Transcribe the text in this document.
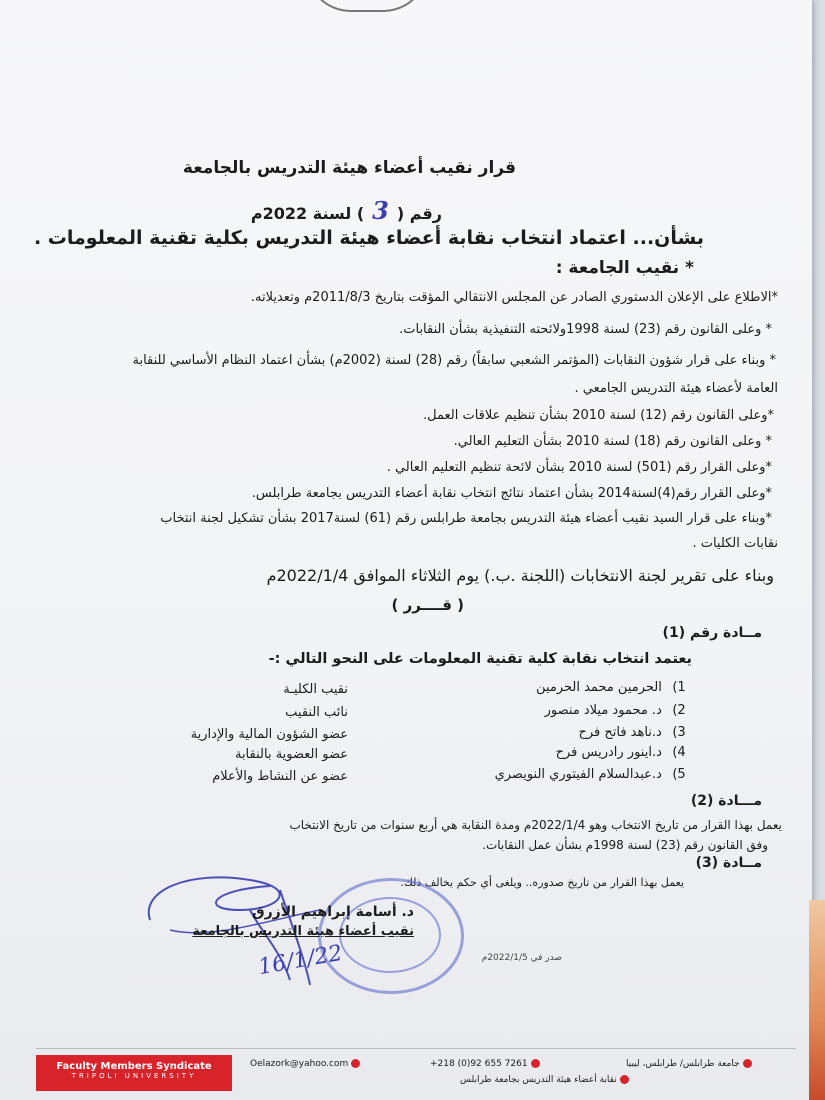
قرار نقيب أعضاء هيئة التدريس بالجامعة
رقم (3) لسنة 2022م
بشأن... اعتماد انتخاب نقابة أعضاء هيئة التدريس بكلية تقنية المعلومات .
* نقيب الجامعة :
*الاطلاع على الإعلان الدستوري الصادر عن المجلس الانتقالي المؤقت بتاريخ 2011/8/3م وتعديلاته.
* وعلى القانون رقم (23) لسنة 1998ولائحته التنفيذية بشأن النقابات.
* وبناء على قرار شؤون النقابات (المؤتمر الشعبي سابقاً) رقم (28) لسنة (2002م) بشأن اعتماد النظام الأساسي للنقابة
العامة لأعضاء هيئة التدريس الجامعي .
*وعلى القانون رقم (12) لسنة 2010 بشأن تنظيم علاقات العمل.
* وعلى القانون رقم (18) لسنة 2010 بشأن التعليم العالي.
*وعلى القرار رقم (501) لسنة 2010 بشأن لائحة تنظيم التعليم العالي .
*وعلى القرار رقم(4)لسنة2014 بشأن اعتماد نتائج انتخاب نقابة أعضاء التدريس بجامعة طرابلس.
*وبناء على قرار السيد نقيب أعضاء هيئة التدريس بجامعة طرابلس رقم (61) لسنة2017 بشأن تشكيل لجنة انتخاب
نقابات الكليات .
وبناء على تقرير لجنة الانتخابات (اللجنة .ب.) يوم الثلاثاء الموافق 2022/1/4م
( قــــرر )
مــادة رقم (1)
يعتمد انتخاب نقابة كلية تقنية المعلومات على النحو التالي :-
1) الحرمين محمد الحرمين
نقيب الكليـة
2) د. محمود ميلاد منصور
نائب النقيب
3) د.ناهد فاتح فرح
عضو الشؤون المالية والإدارية
4) د.اينور رادريس فرح
عضو العضوية بالنقابة
5) د.عبدالسلام الفيتوري النويصري
عضو عن النشاط والأعلام
مـــادة (2)
يعمل بهذا القرار من تاريخ الانتخاب وهو 2022/1/4م ومدة النقابة هي أربع سنوات من تاريخ الانتخاب
وفق القانون رقم (23) لسنة 1998م بشأن عمل النقابات.
مــادة (3)
يعمل بهذا القرار من تاريخ صدوره.. ويلغى أي حكم يخالف ذلك.
د. أسامة إبراهيم الأزرق
نقيب أعضاء هيئة التدريس بالجامعة
16/1/22	صدر في 2022/1/5م
Faculty Members Syndicate
TRIPOLI UNIVERSITY
Oelazork@yahoo.com	+218 (0)92 655 7261	جامعة طرابلس/ طرابلس، ليبيا
نقابة أعضاء هيئة التدريس بجامعة طرابلس
